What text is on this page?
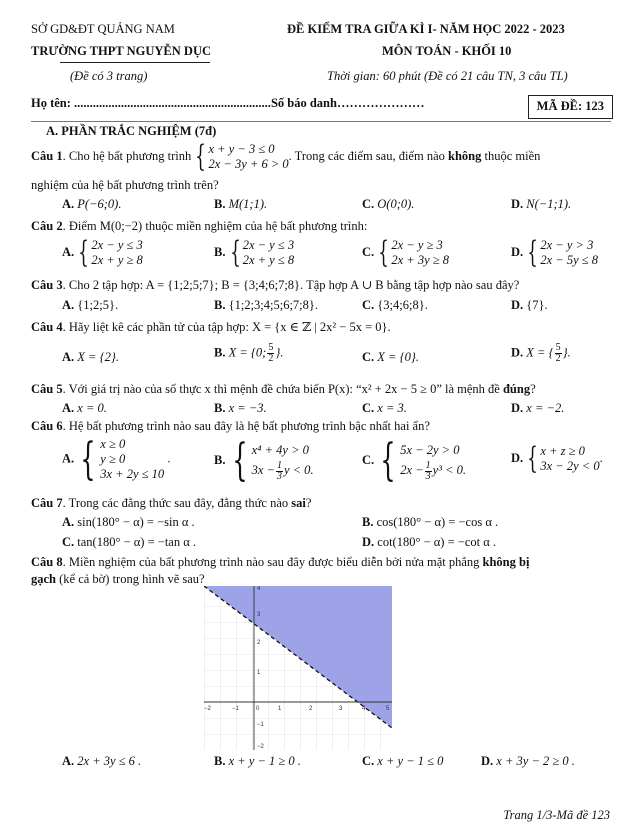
SỞ GD&ĐT QUẢNG NAM
TRƯỜNG THPT NGUYỄN DỤC
(Đề có 3 trang)
ĐỀ KIỂM TRA GIỮA KÌ I- NĂM HỌC 2022 - 2023
MÔN TOÁN - KHỐI 10
Thời gian: 60 phút (Đề có 21 câu TN, 3 câu TL)
Họ tên: ...............................................................Số báo danh…………………	MÃ ĐỀ: 123
A. PHẦN TRẮC NGHIỆM (7đ)
Câu 1. Cho hệ bất phương trình { x + y − 3 ≤ 0
2x − 3y + 6 > 0
. Trong các điểm sau, điểm nào không thuộc miền
nghiệm của hệ bất phương trình trên?
A. P(−6;0).	B. M(1;1).	C. O(0;0).	D. N(−1;1).
Câu 2. Điểm M(0;−2) thuộc miền nghiệm của hệ bất phương trình:
A. { 2x − y ≤ 3
2x + y ≥ 8
B. { 2x − y ≤ 3
2x + y ≤ 8
C. { 2x − y ≥ 3
2x + 3y ≥ 8
D. { 2x − y > 3
2x − 5y ≤ 8
Câu 3. Cho 2 tập hợp: A = {1;2;5;7}; B = {3;4;6;7;8}. Tập hợp A ∪ B bằng tập hợp nào sau đây?
A. {1;2;5}.	B. {1;2;3;4;5;6;7;8}.	C. {3;4;6;8}.	D. {7}.
Câu 4. Hãy liệt kê các phần tử của tập hợp: X = {x ∈ ℤ | 2x² − 5x = 0}.
A. X = {2}.	B. X = {0; $\frac{5}{2}$ }.	C. X = {0}.	D. X = { $\frac{5}{2}$ }.
Câu 5. Với giá trị nào của số thực x thì mệnh đề chứa biến P(x): “x² + 2x − 5 ≥ 0” là mệnh đề đúng?
A. x = 0.	B. x = −3.	C. x = 3.	D. x = −2.
Câu 6. Hệ bất phương trình nào sau đây là hệ bất phương trình bậc nhất hai ẩn?
A. { x ≥ 0
y ≥ 0
3x + 2y ≤ 10
.	B. { x⁴ + 4y > 0
$3x - \frac{1}{3}$ y < 0.
C. { 5x − 2y > 0
$2x - \frac{1}{3} y^3 < 0$.
D. { x + z ≥ 0
3x − 2y < 0
.
Câu 7. Trong các đẳng thức sau đây, đẳng thức nào sai?
A. sin(180° − α) = −sin α .	B. cos(180° − α) = −cos α .
C. tan(180° − α) = −tan α .	D. cot(180° − α) = −cot α .
Câu 8. Miền nghiệm của bất phương trình nào sau đây được biểu diễn bởi nửa mặt phẳng không bị
gạch (kể cả bờ) trong hình vẽ sau?
−2	−1	0	1	2	3	4	5
4
3
2
1
−1
−2
A. 2x + 3y ≤ 6 .	B. x + y − 1 ≥ 0 .	C. x + y − 1 ≤ 0	D. x + 3y − 2 ≥ 0 .
Trang 1/3-Mã đề 123
